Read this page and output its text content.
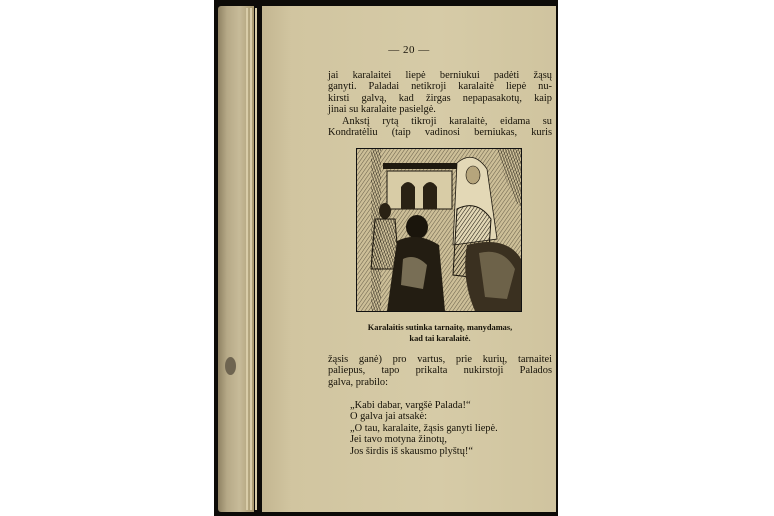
— 20 —
jai karalaitei liepė berniukui padėti žąsų
ganyti. Paladai netikroji karalaitė liepė nu-
kirsti galvą, kad žirgas nepapasakotų, kaip
jinai su karalaite pasielgė.
Ankstį rytą tikroji karalaitė, eidama su
Kondratėliu (taip vadinosi berniukas, kuris
Karalaitis sutinka tarnaitę, manydamas,
kad tai karalaitė.
žąsis ganė) pro vartus, prie kurių, tarnaitei
paliepus, tapo prikalta nukirstoji Palados
galva, prabilo:
„Kabi dabar, vargšė Palada!“
O galva jai atsakė:
„O tau, karalaite, žąsis ganyti liepė.
Jei tavo motyna žinotų,
Jos širdis iš skausmo plyštų!“
